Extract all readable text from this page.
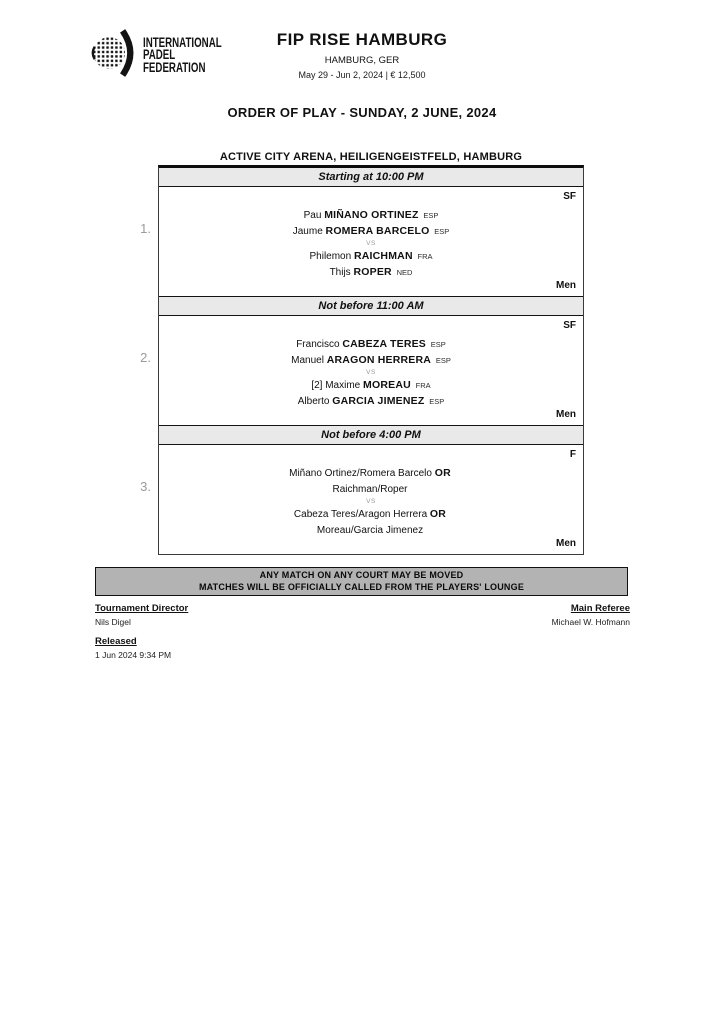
INTERNATIONAL
PADEL
FEDERATION
FIP RISE HAMBURG
HAMBURG, GER
May 29 - Jun 2, 2024 | € 12,500
ORDER OF PLAY - SUNDAY, 2 JUNE, 2024
ACTIVE CITY ARENA, HEILIGENGEISTFELD, HAMBURG
Starting at 10:00 PM
1.
SF
Pau MIÑANO ORTINEZ ESP
Jaume ROMERA BARCELO ESP
VS
Philemon RAICHMAN FRA
Thijs ROPER NED
Men
Not before 11:00 AM
2.
SF
Francisco CABEZA TERES ESP
Manuel ARAGON HERRERA ESP
VS
[2] Maxime MOREAU FRA
Alberto GARCIA JIMENEZ ESP
Men
Not before 4:00 PM
3.
F
Miñano Ortinez/Romera Barcelo OR
Raichman/Roper
VS
Cabeza Teres/Aragon Herrera OR
Moreau/Garcia Jimenez
Men
ANY MATCH ON ANY COURT MAY BE MOVED
MATCHES WILL BE OFFICIALLY CALLED FROM THE PLAYERS' LOUNGE
Tournament Director
Nils Digel
Released
1 Jun 2024 9:34 PM
Main Referee
Michael W. Hofmann
